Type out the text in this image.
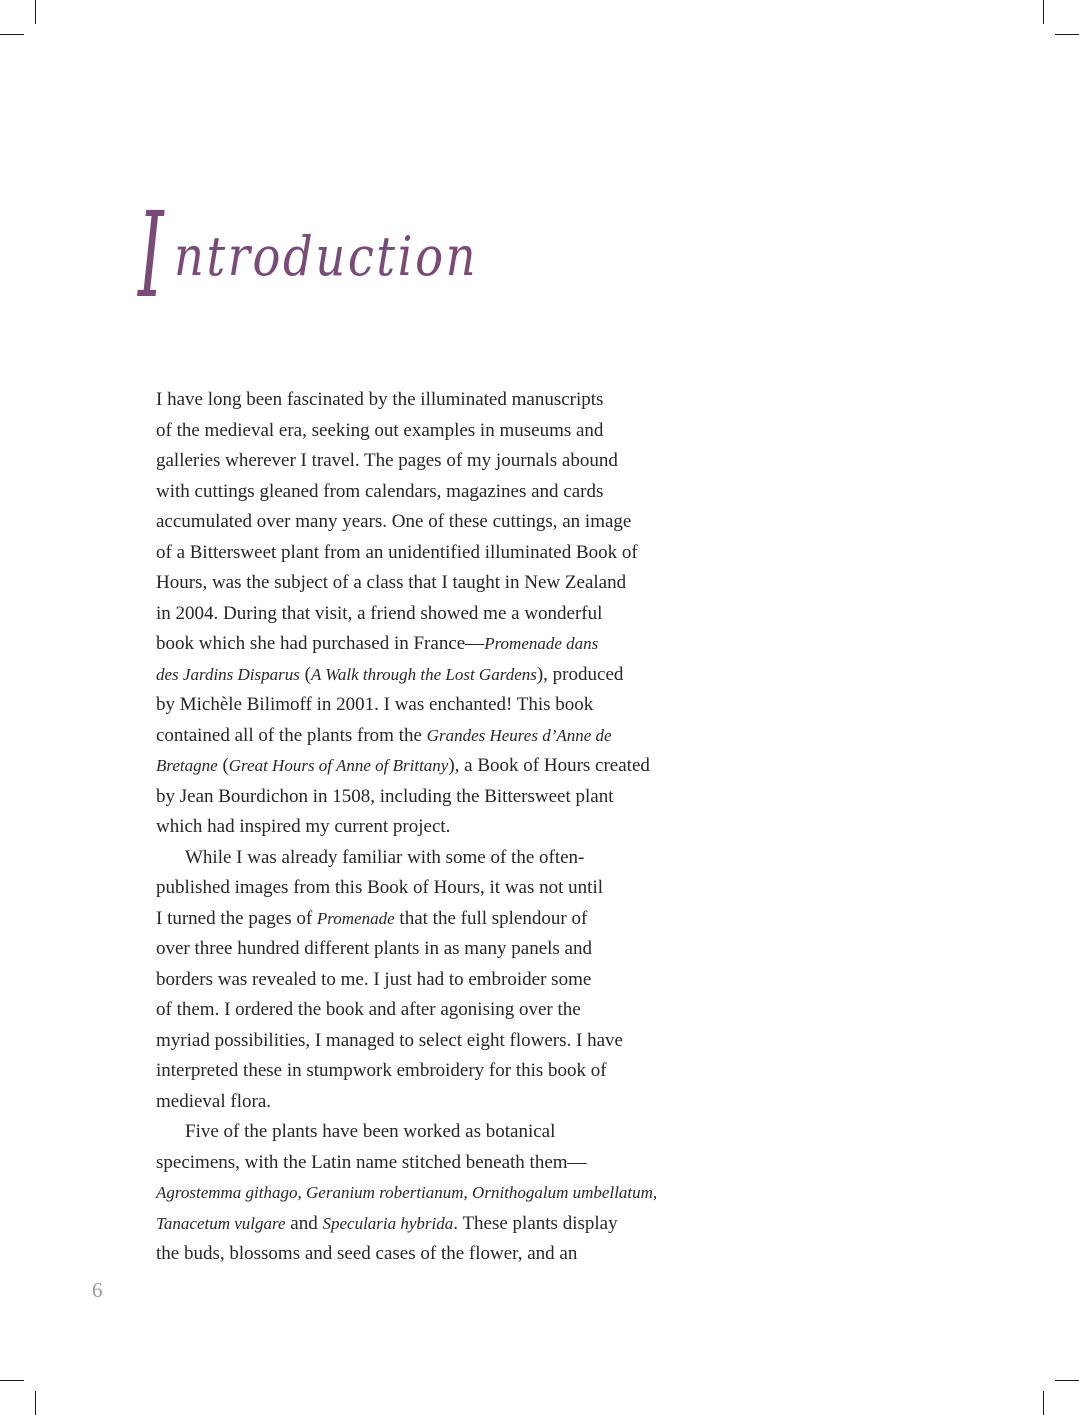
I ntroduction
I have long been fascinated by the illuminated manuscripts
of the medieval era, seeking out examples in museums and
galleries wherever I travel. The pages of my journals abound
with cuttings gleaned from calendars, magazines and cards
accumulated over many years. One of these cuttings, an image
of a Bittersweet plant from an unidentified illuminated Book of
Hours, was the subject of a class that I taught in New Zealand
in 2004. During that visit, a friend showed me a wonderful
book which she had purchased in France—Promenade dans
des Jardins Disparus (A Walk through the Lost Gardens), produced
by Michèle Bilimoff in 2001. I was enchanted! This book
contained all of the plants from the Grandes Heures d’Anne de
Bretagne (Great Hours of Anne of Brittany), a Book of Hours created
by Jean Bourdichon in 1508, including the Bittersweet plant
which had inspired my current project.
While I was already familiar with some of the often-
published images from this Book of Hours, it was not until
I turned the pages of Promenade that the full splendour of
over three hundred different plants in as many panels and
borders was revealed to me. I just had to embroider some
of them. I ordered the book and after agonising over the
myriad possibilities, I managed to select eight flowers. I have
interpreted these in stumpwork embroidery for this book of
medieval flora.
Five of the plants have been worked as botanical
specimens, with the Latin name stitched beneath them—
Agrostemma githago, Geranium robertianum, Ornithogalum umbellatum,
Tanacetum vulgare and Specularia hybrida. These plants display
the buds, blossoms and seed cases of the flower, and an
6
